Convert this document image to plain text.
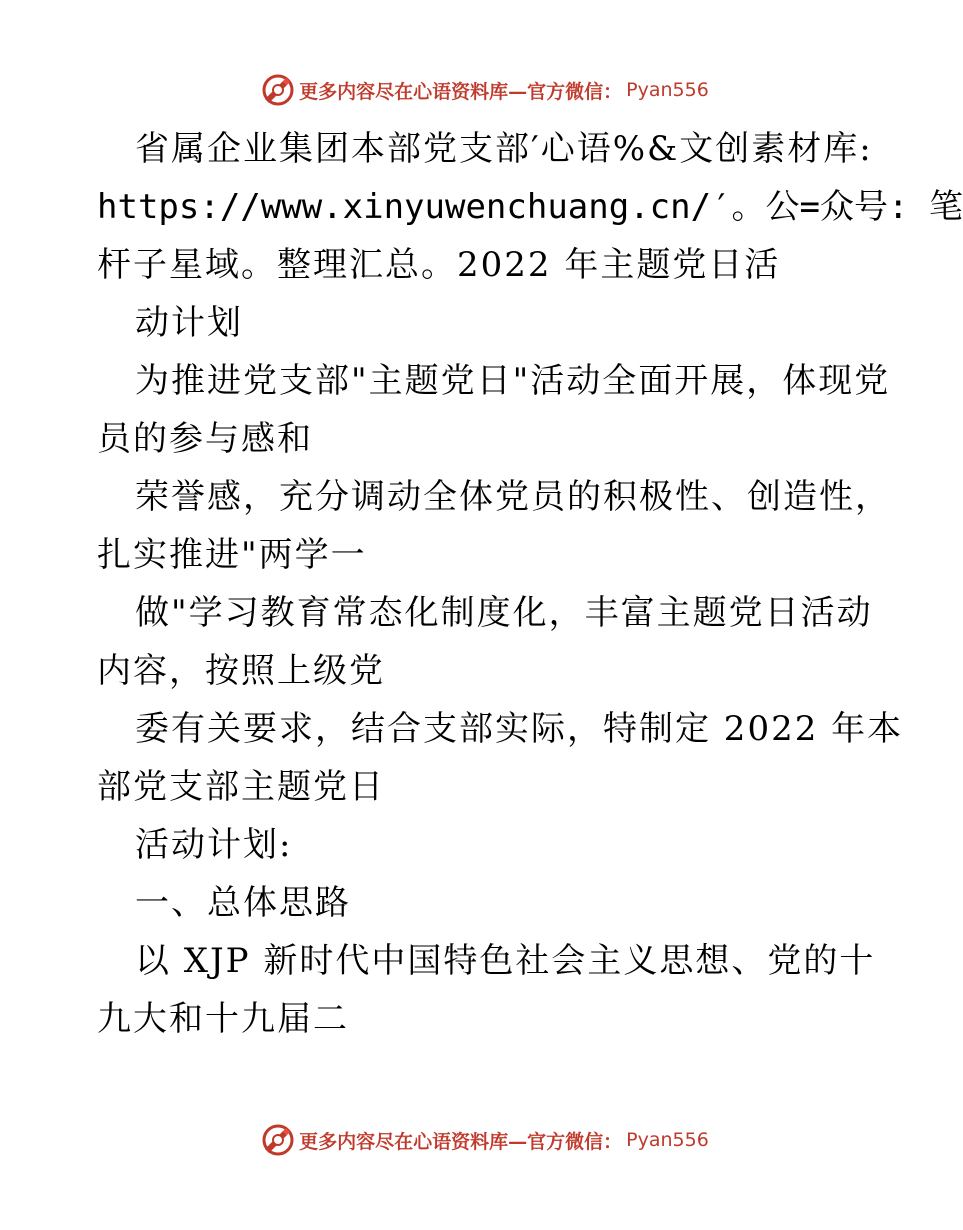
更多内容尽在心语资料库—官方微信： Pyan556
省属企业集团本部党支部′心语%&文创素材库:
https://www.xinyuwenchuang.cn/′。公=众号: 笔
杆子星域。整理汇总。2022 年主题党日活
动计划
为推进党支部"主题党日"活动全面开展，体现党
员的参与感和
荣誉感，充分调动全体党员的积极性、创造性，
扎实推进"两学一
做"学习教育常态化制度化，丰富主题党日活动
内容，按照上级党
委有关要求，结合支部实际，特制定 2022 年本
部党支部主题党日
活动计划:
一、总体思路
以 XJP 新时代中国特色社会主义思想、党的十
九大和十九届二
更多内容尽在心语资料库—官方微信： Pyan556
